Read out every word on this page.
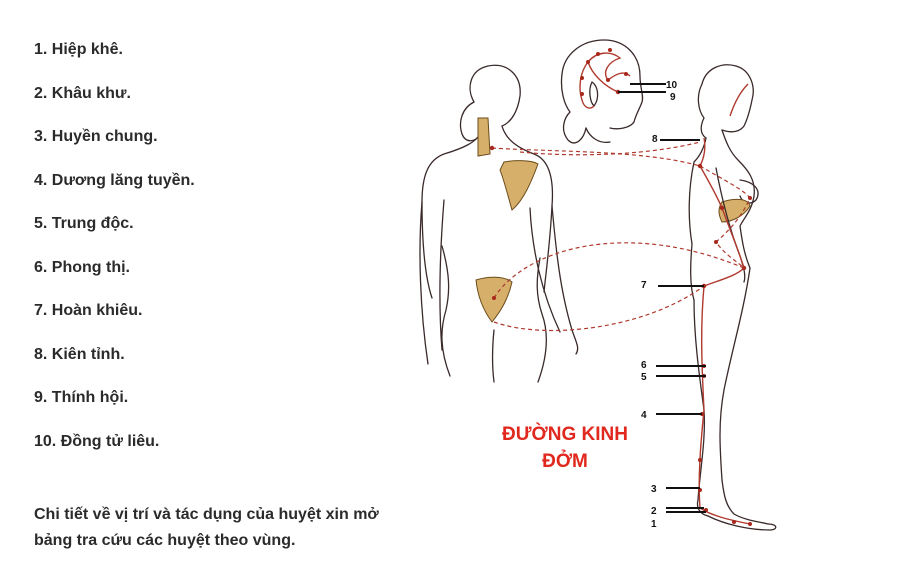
1. Hiệp khê.
2. Khâu khư.
3. Huyền chung.
4. Dương lăng tuyền.
5. Trung độc.
6. Phong thị.
7. Hoàn khiêu.
8. Kiên tỉnh.
9. Thính hội.
10. Đồng tử liêu.

Chi tiết về vị trí và tác dụng của huyệt xin mở bảng tra cứu các huyệt theo vùng.

1
2
3
4
5
6
7
8
9
10
ĐƯỜNG KINH
ĐỞM
